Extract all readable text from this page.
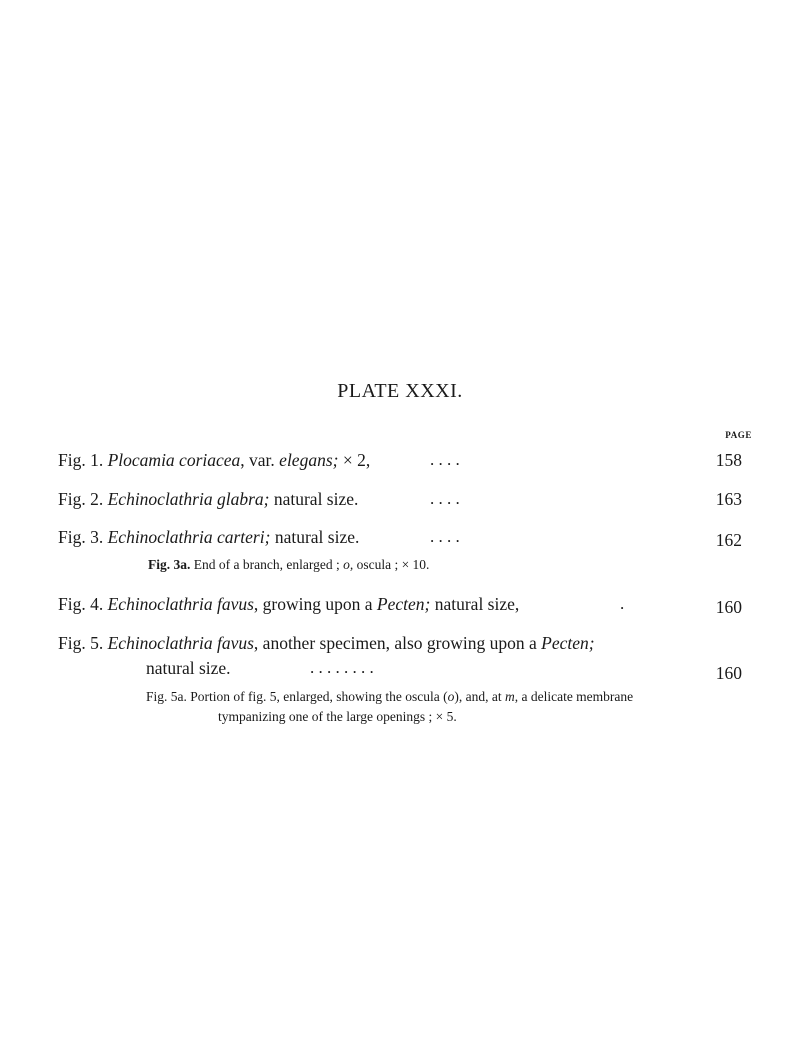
PLATE XXXI.
PAGE
Fig. 1. Plocamia coriacea, var. elegans; × 2,	. . . .	158
Fig. 2. Echinoclathria glabra; natural size.	. . . .	163
Fig. 3. Echinoclathria carteri; natural size.	. . . .	162
Fig. 3a. End of a branch, enlarged ; o, oscula ; × 10.
Fig. 4. Echinoclathria favus, growing upon a Pecten; natural size,	.	160
Fig. 5. Echinoclathria favus, another specimen, also growing upon a Pecten;
natural size.	. . . . . . . .	160
Fig. 5a. Portion of fig. 5, enlarged, showing the oscula (o), and, at m, a delicate membrane
tympanizing one of the large openings ; × 5.
